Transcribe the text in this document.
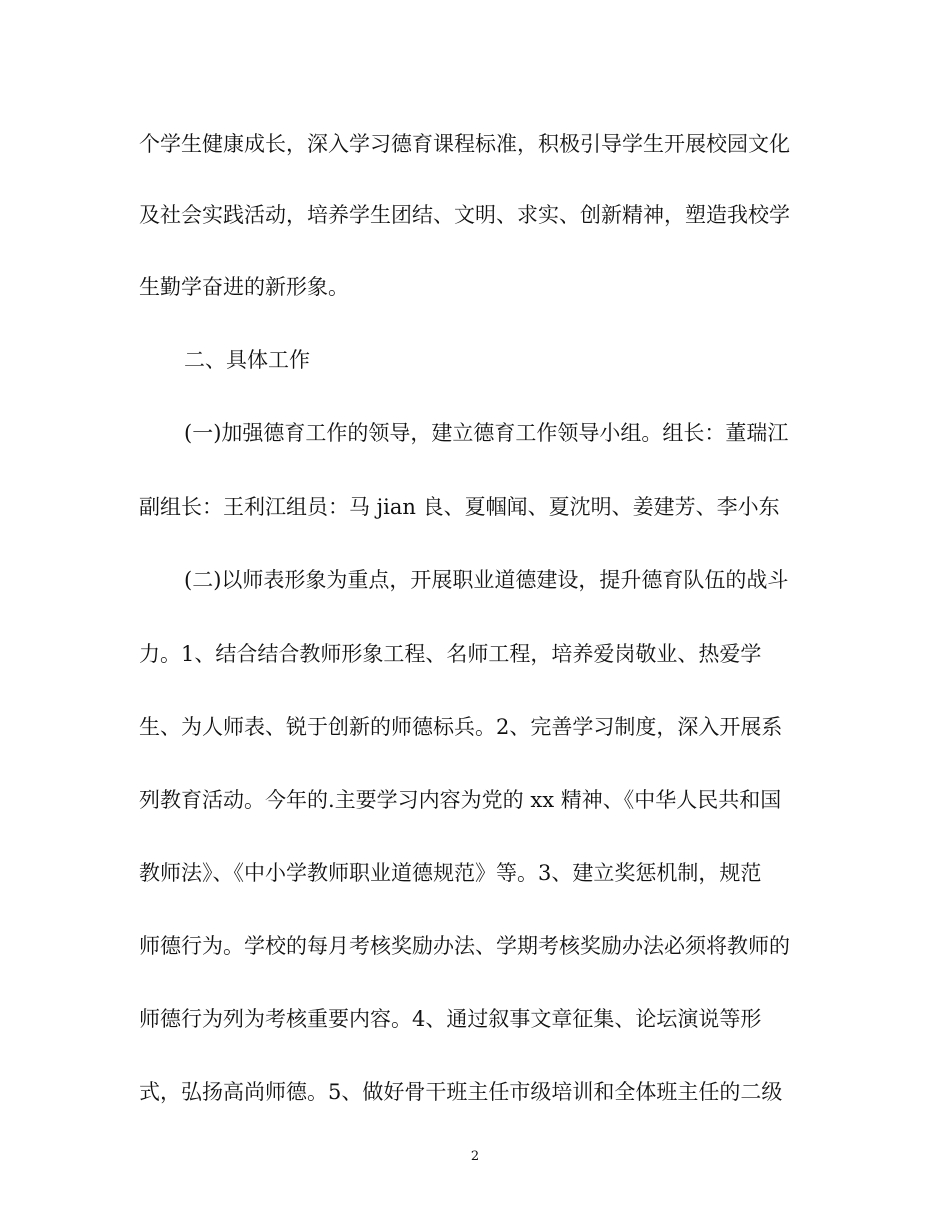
个学生健康成长，深入学习德育课程标准，积极引导学生开展校园文化
及社会实践活动，培养学生团结、文明、求实、创新精神，塑造我校学
生勤学奋进的新形象。
二、具体工作
(一)加强德育工作的领导，建立德育工作领导小组。组长：董瑞江
副组长：王利江组员：马 jian 良、夏帼闻、夏沈明、姜建芳、李小东
(二)以师表形象为重点，开展职业道德建设，提升德育队伍的战斗
力。1、结合结合教师形象工程、名师工程，培养爱岗敬业、热爱学
生、为人师表、锐于创新的师德标兵。2、完善学习制度，深入开展系
列教育活动。今年的.主要学习内容为党的 xx 精神、《中华人民共和国
教师法》、《中小学教师职业道德规范》等。3、建立奖惩机制，规范
师德行为。学校的每月考核奖励办法、学期考核奖励办法必须将教师的
师德行为列为考核重要内容。4、通过叙事文章征集、论坛演说等形
式，弘扬高尚师德。5、做好骨干班主任市级培训和全体班主任的二级
2
